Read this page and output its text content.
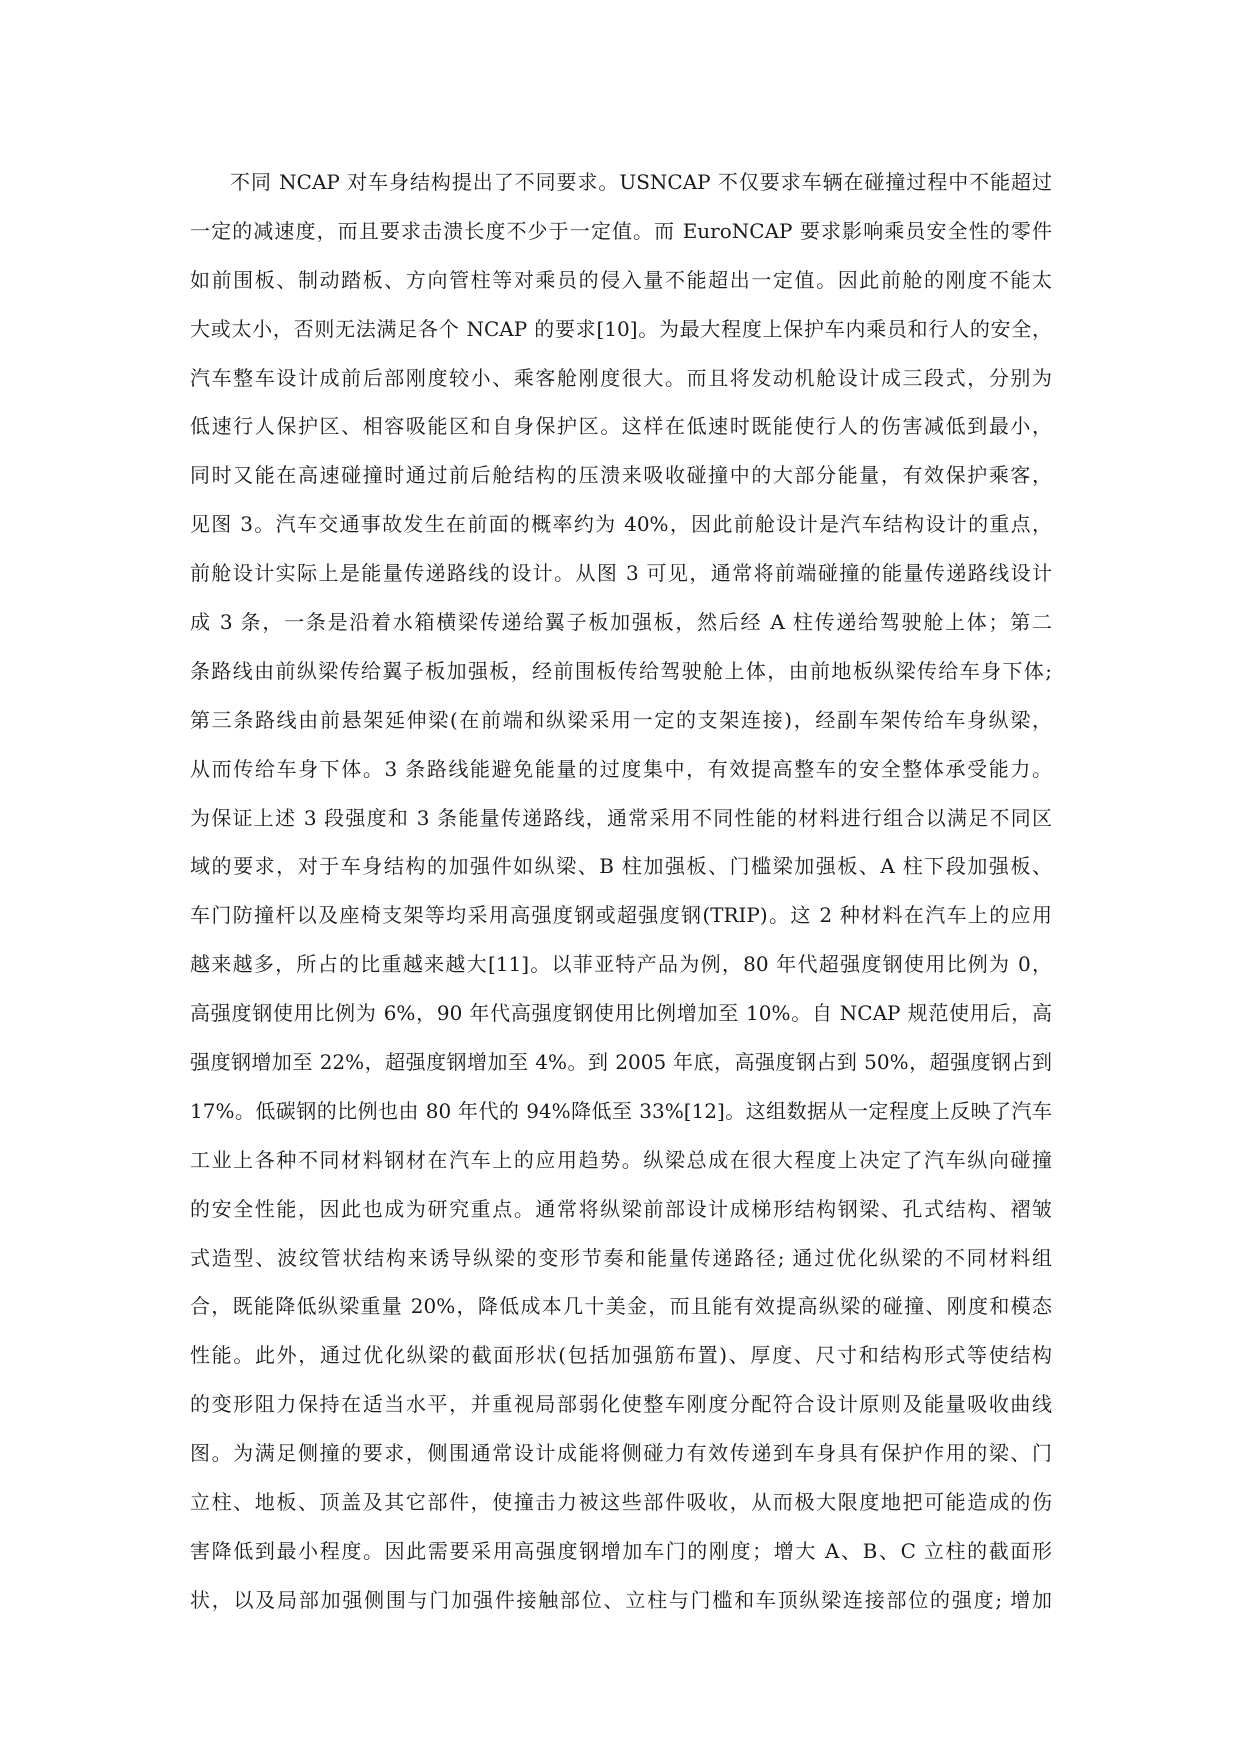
不同 NCAP 对车身结构提出了不同要求。USNCAP 不仅要求车辆在碰撞过程中不能超过
一定的减速度，而且要求击溃长度不少于一定值。而 EuroNCAP 要求影响乘员安全性的零件
如前围板、制动踏板、方向管柱等对乘员的侵入量不能超出一定值。因此前舱的刚度不能太
大或太小，否则无法满足各个 NCAP 的要求[10]。为最大程度上保护车内乘员和行人的安全，
汽车整车设计成前后部刚度较小、乘客舱刚度很大。而且将发动机舱设计成三段式，分别为
低速行人保护区、相容吸能区和自身保护区。这样在低速时既能使行人的伤害减低到最小，
同时又能在高速碰撞时通过前后舱结构的压溃来吸收碰撞中的大部分能量，有效保护乘客，
见图 3。汽车交通事故发生在前面的概率约为 40%，因此前舱设计是汽车结构设计的重点，
前舱设计实际上是能量传递路线的设计。从图 3 可见，通常将前端碰撞的能量传递路线设计
成 3 条，一条是沿着水箱横梁传递给翼子板加强板，然后经 A 柱传递给驾驶舱上体；第二
条路线由前纵梁传给翼子板加强板，经前围板传给驾驶舱上体，由前地板纵梁传给车身下体;
第三条路线由前悬架延伸梁(在前端和纵梁采用一定的支架连接)，经副车架传给车身纵梁，
从而传给车身下体。3 条路线能避免能量的过度集中，有效提高整车的安全整体承受能力。
为保证上述 3 段强度和 3 条能量传递路线，通常采用不同性能的材料进行组合以满足不同区
域的要求，对于车身结构的加强件如纵梁、B 柱加强板、门槛梁加强板、A 柱下段加强板、
车门防撞杆以及座椅支架等均采用高强度钢或超强度钢(TRIP)。这 2 种材料在汽车上的应用
越来越多，所占的比重越来越大[11]。以菲亚特产品为例，80 年代超强度钢使用比例为 0，
高强度钢使用比例为 6%，90 年代高强度钢使用比例增加至 10%。自 NCAP 规范使用后，高
强度钢增加至 22%，超强度钢增加至 4%。到 2005 年底，高强度钢占到 50%，超强度钢占到
17%。低碳钢的比例也由 80 年代的 94%降低至 33%[12]。这组数据从一定程度上反映了汽车
工业上各种不同材料钢材在汽车上的应用趋势。纵梁总成在很大程度上决定了汽车纵向碰撞
的安全性能，因此也成为研究重点。通常将纵梁前部设计成梯形结构钢梁、孔式结构、褶皱
式造型、波纹管状结构来诱导纵梁的变形节奏和能量传递路径; 通过优化纵梁的不同材料组
合，既能降低纵梁重量 20%，降低成本几十美金，而且能有效提高纵梁的碰撞、刚度和模态
性能。此外，通过优化纵梁的截面形状(包括加强筋布置)、厚度、尺寸和结构形式等使结构
的变形阻力保持在适当水平，并重视局部弱化使整车刚度分配符合设计原则及能量吸收曲线
图。为满足侧撞的要求，侧围通常设计成能将侧碰力有效传递到车身具有保护作用的梁、门
立柱、地板、顶盖及其它部件，使撞击力被这些部件吸收，从而极大限度地把可能造成的伤
害降低到最小程度。因此需要采用高强度钢增加车门的刚度；增大 A、B、C 立柱的截面形
状，以及局部加强侧围与门加强件接触部位、立柱与门槛和车顶纵梁连接部位的强度; 增加
